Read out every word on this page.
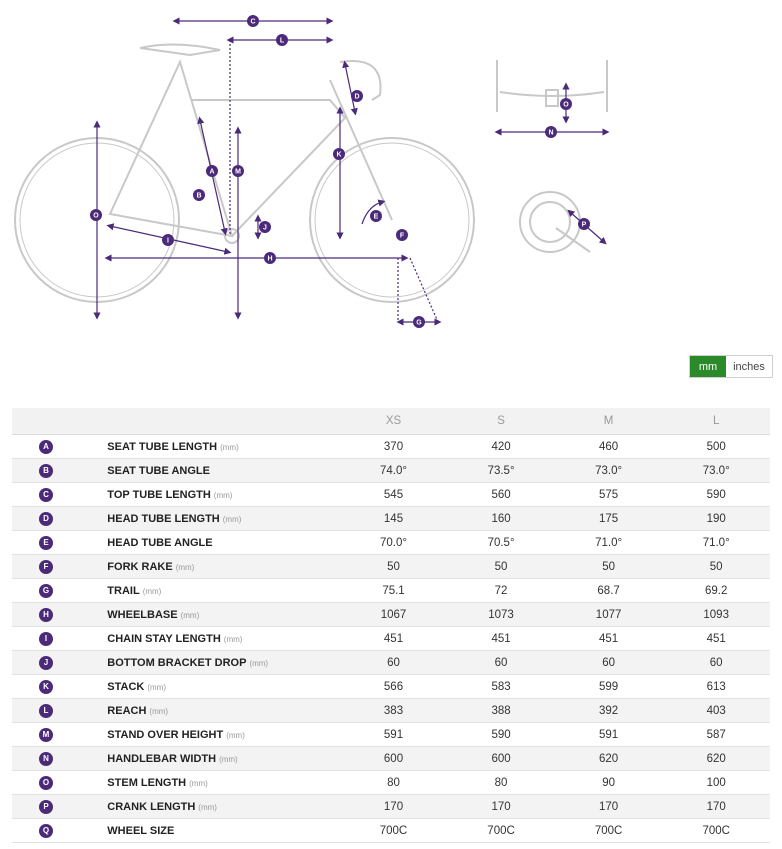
C
L
D
K
A	M
B
O	E
J
F
I
H
G
O
N
P
mm	inches
		XS	S	M	L
A	SEAT TUBE LENGTH (mm)	370	420	460	500
B	SEAT TUBE ANGLE	74.0°	73.5°	73.0°	73.0°
C	TOP TUBE LENGTH (mm)	545	560	575	590
D	HEAD TUBE LENGTH (mm)	145	160	175	190
E	HEAD TUBE ANGLE	70.0°	70.5°	71.0°	71.0°
F	FORK RAKE (mm)	50	50	50	50
G	TRAIL (mm)	75.1	72	68.7	69.2
H	WHEELBASE (mm)	1067	1073	1077	1093
I	CHAIN STAY LENGTH (mm)	451	451	451	451
J	BOTTOM BRACKET DROP (mm)	60	60	60	60
K	STACK (mm)	566	583	599	613
L	REACH (mm)	383	388	392	403
M	STAND OVER HEIGHT (mm)	591	590	591	587
N	HANDLEBAR WIDTH (mm)	600	600	620	620
O	STEM LENGTH (mm)	80	80	90	100
P	CRANK LENGTH (mm)	170	170	170	170
Q	WHEEL SIZE	700C	700C	700C	700C
